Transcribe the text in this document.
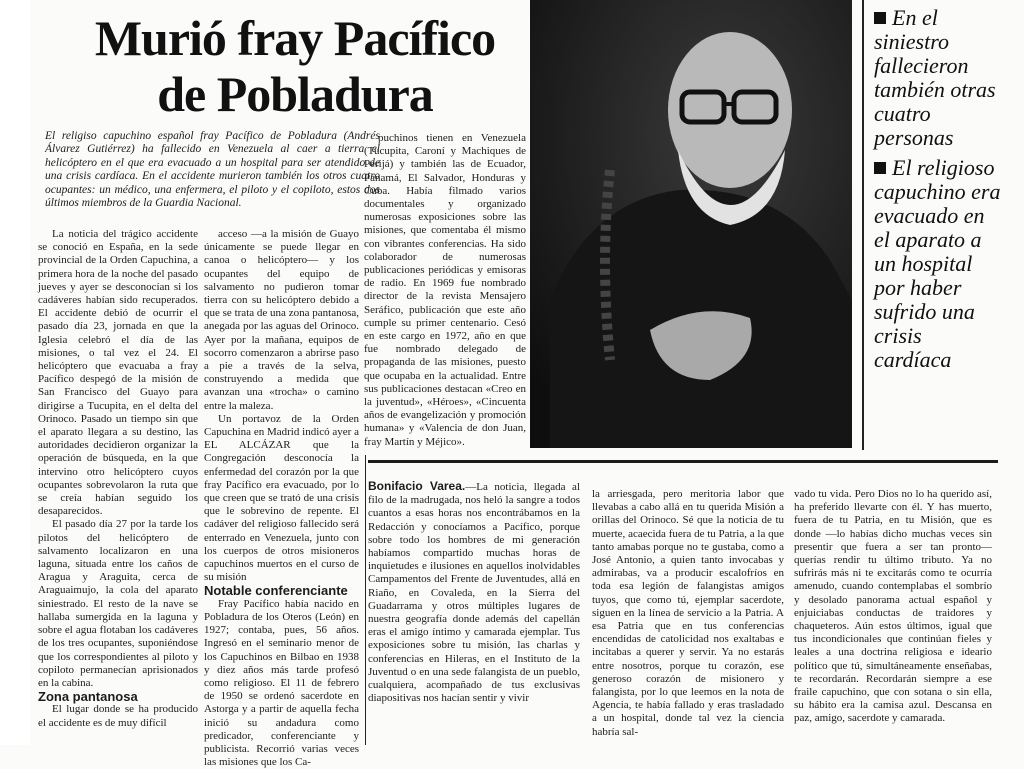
Murió fray Pacífico
de Pobladura
El religiso capuchino español fray Pacífico de Pobladura (Andrés Álvarez Gutiérrez) ha fallecido en Venezuela al caer a tierra el helicóptero en el que era evacuado a un hospital para ser atendido de una crisis cardíaca. En el accidente murieron también los otros cuatro ocupantes: un médico, una enfermera, el piloto y el copiloto, estos dos últimos miembros de la Guardia Nacional.

La noticia del trágico accidente se conoció en España, en la sede provincial de la Orden Capuchina, a primera hora de la noche del pasado jueves y ayer se desconocían si los cadáveres habían sido recuperados. El accidente debió de ocurrir el pasado día 23, jornada en que la Iglesia celebró el día de las misiones, o tal vez el 24. El helicóptero que evacuaba a fray Pacífico despegó de la misión de San Francisco del Guayo para dirigirse a Tucupita, en el delta del Orinoco. Pasado un tiempo sin que el aparato llegara a su destino, las autoridades decidieron organizar la operación de búsqueda, en la que intervino otro helicóptero cuyos ocupantes sobrevolaron la ruta que se creía habían seguido los desaparecidos.

El pasado día 27 por la tarde los pilotos del helicóptero de salvamento localizaron en una laguna, situada entre los caños de Aragua y Araguita, cerca de Araguaimujo, la cola del aparato siniestrado. El resto de la nave se hallaba sumergida en la laguna y sobre el agua flotaban los cadáveres de los tres ocupantes, suponiéndose que los correspondientes al piloto y copiloto permanecían aprisionados en la cabina.

Zona pantanosa

El lugar donde se ha producido el accidente es de muy difícil

acceso —a la misión de Guayo únicamente se puede llegar en canoa o helicóptero— y los ocupantes del equipo de salvamento no pudieron tomar tierra con su helicóptero debido a que se trata de una zona pantanosa, anegada por las aguas del Orinoco. Ayer por la mañana, equipos de socorro comenzaron a abrirse paso a pie a través de la selva, construyendo a medida que avanzan una «trocha» o camino entre la maleza.

Un portavoz de la Orden Capuchina en Madrid indicó ayer a EL ALCÁZAR que la Congregación desconocía la enfermedad del corazón por la que fray Pacífico era evacuado, por lo que creen que se trató de una crisis que le sobrevino de repente. El cadáver del religioso fallecido será enterrado en Venezuela, junto con los cuerpos de otros misioneros capuchinos muertos en el curso de su misión

Notable conferenciante

Fray Pacífico había nacido en Pobladura de los Oteros (León) en 1927; contaba, pues, 56 años. Ingresó en el seminario menor de los Capuchinos en Bilbao en 1938 y diez años más tarde profesó como religioso. El 11 de febrero de 1950 se ordenó sacerdote en Astorga y a partir de aquella fecha inició su andadura como predicador, conferenciante y publicista. Recorrió varias veces las misiones que los Ca-

puchinos tienen en Venezuela (Tucupita, Caroní y Machiques de Perijá) y también las de Ecuador, Panamá, El Salvador, Honduras y Cuba. Había filmado varios documentales y organizado numerosas exposiciones sobre las misiones, que comentaba él mismo con vibrantes conferencias. Ha sido colaborador de numerosas publicaciones periódicas y emisoras de radio. En 1969 fue nombrado director de la revista Mensajero Seráfico, publicación que este año cumple su primer centenario. Cesó en este cargo en 1972, año en que fue nombrado delegado de propaganda de las misiones, puesto que ocupaba en la actualidad. Entre sus publicaciones destacan «Creo en la juventud», «Héroes», «Cincuenta años de evangelización y promoción humana» y «Valencia de don Juan, fray Martín y Méjico».

En el siniestro fallecieron también otras cuatro personas

El religioso capuchino era evacuado en el aparato a un hospital por haber sufrido una crisis cardíaca

Bonifacio Varea.—La noticia, llegada al filo de la madrugada, nos heló la sangre a todos cuantos a esas horas nos encontrábamos en la Redacción y conocíamos a Pacífico, porque sobre todo los hombres de mi generación habíamos compartido muchas horas de inquietudes e ilusiones en aquellos inolvidables Campamentos del Frente de Juventudes, allá en Riaño, en Covaleda, en la Sierra del Guadarrama y otros múltiples lugares de nuestra geografía donde además del capellán eras el amigo íntimo y camarada ejemplar. Tus exposiciones sobre tu misión, las charlas y conferencias en Hileras, en el Instituto de la Juventud o en una sede falangista de un pueblo, cualquiera, acompañado de tus exclusivas diapositivas nos hacían sentir y vivir

la arriesgada, pero meritoria labor que llevabas a cabo allá en tu querida Misión a orillas del Orinoco. Sé que la noticia de tu muerte, acaecida fuera de tu Patria, a la que tanto amabas porque no te gustaba, como a José Antonio, a quien tanto invocabas y admirabas, va a producir escalofríos en toda esa legión de falangistas amigos tuyos, que como tú, ejemplar sacerdote, siguen en la línea de servicio a la Patria. A esa Patria que en tus conferencias encendidas de catolicidad nos exaltabas e incitabas a querer y servir. Ya no estarás entre nosotros, porque tu corazón, ese generoso corazón de misionero y falangista, por lo que leemos en la nota de Agencia, te había fallado y eras trasladado a un hospital, donde tal vez la ciencia habría sal-

vado tu vida. Pero Dios no lo ha querido así, ha preferido llevarte con él. Y has muerto, fuera de tu Patria, en tu Misión, que es donde —lo habías dicho muchas veces sin presentir que fuera a ser tan pronto— querías rendir tu último tributo. Ya no sufrirás más ni te excitarás como te ocurría amenudo, cuando contemplabas el sombrío y desolado panorama actual español y enjuiciabas conductas de traidores y chaqueteros. Aún estos últimos, igual que tus incondicionales que continúan fieles y leales a una doctrina religiosa e ideario político que tú, simultáneamente enseñabas, te recordarán. Recordarán siempre a ese fraile capuchino, que con sotana o sin ella, su hábito era la camisa azul. Descansa en paz, amigo, sacerdote y camarada.
